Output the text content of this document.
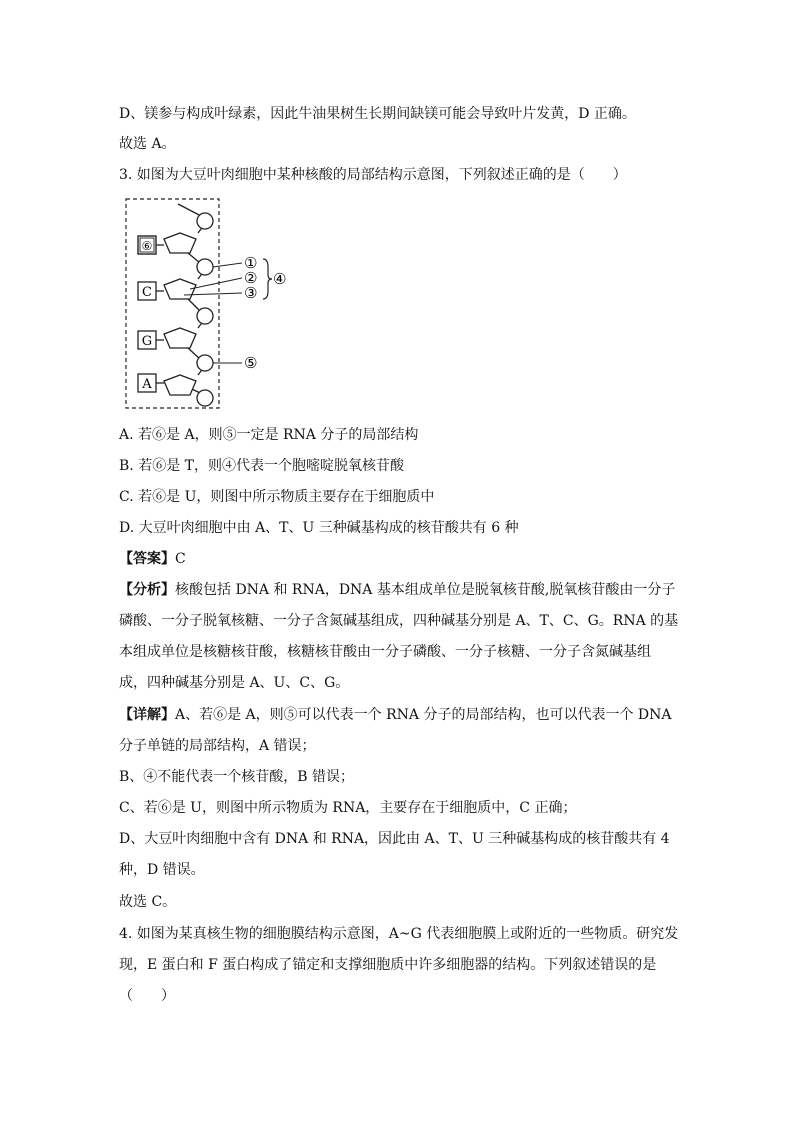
D、镁参与构成叶绿素，因此牛油果树生长期间缺镁可能会导致叶片发黄，D 正确。
故选 A。
3. 如图为大豆叶肉细胞中某种核酸的局部结构示意图，下列叙述正确的是（　　）
⑥
C
G
A
①
②
③
④
⑤
A. 若⑥是 A，则⑤一定是 RNA 分子的局部结构
B. 若⑥是 T，则④代表一个胞嘧啶脱氧核苷酸
C. 若⑥是 U，则图中所示物质主要存在于细胞质中
D. 大豆叶肉细胞中由 A、T、U 三种碱基构成的核苷酸共有 6 种
【答案】C
【分析】核酸包括 DNA 和 RNA，DNA 基本组成单位是脱氧核苷酸,脱氧核苷酸由一分子
磷酸、一分子脱氧核糖、一分子含氮碱基组成，四种碱基分别是 A、T、C、G。RNA 的基
本组成单位是核糖核苷酸，核糖核苷酸由一分子磷酸、一分子核糖、一分子含氮碱基组
成，四种碱基分别是 A、U、C、G。
【详解】A、若⑥是 A，则⑤可以代表一个 RNA 分子的局部结构，也可以代表一个 DNA
分子单链的局部结构，A 错误；
B、④不能代表一个核苷酸，B 错误；
C、若⑥是 U，则图中所示物质为 RNA，主要存在于细胞质中，C 正确；
D、大豆叶肉细胞中含有 DNA 和 RNA，因此由 A、T、U 三种碱基构成的核苷酸共有 4
种，D 错误。
故选 C。
4. 如图为某真核生物的细胞膜结构示意图，A~G 代表细胞膜上或附近的一些物质。研究发
现，E 蛋白和 F 蛋白构成了锚定和支撑细胞质中许多细胞器的结构。下列叙述错误的是
（　　）
